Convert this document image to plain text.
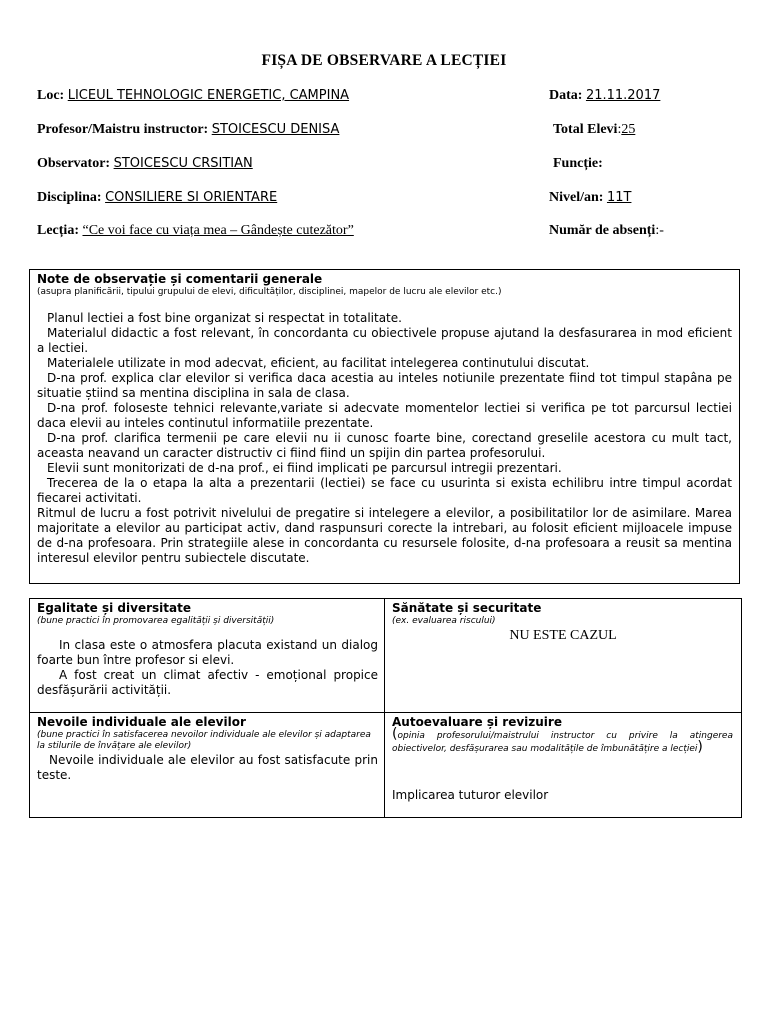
FIȘA DE OBSERVARE A LECȚIEI
Loc: LICEUL TEHNOLOGIC ENERGETIC, CAMPINA	Data: 21.11.2017
Profesor/Maistru instructor: STOICESCU DENISA	Total Elevi:25
Observator: STOICESCU CRSITIAN	Funcție:
Disciplina: CONSILIERE SI ORIENTARE	Nivel/an: 11T
Lecția: “Ce voi face cu viața mea – Gândește cutezător”	Număr de absenți:-
Note de observație și comentarii generale
(asupra planificării, tipului grupului de elevi, dificultăților, disciplinei, mapelor de lucru ale elevilor etc.)
Planul lectiei a fost bine organizat si respectat in totalitate.
Materialul didactic a fost relevant, în concordanta cu obiectivele propuse ajutand la desfasurarea in mod eficient a lectiei.
Materialele utilizate in mod adecvat, eficient, au facilitat intelegerea continutului discutat.
D-na prof. explica clar elevilor si verifica daca acestia au inteles notiunile prezentate fiind tot timpul stapâna pe situatie știind sa mentina disciplina in sala de clasa.
D-na prof. foloseste tehnici relevante,variate si adecvate momentelor lectiei si verifica pe tot parcursul lectiei daca elevii au inteles continutul informatiile prezentate.
D-na prof. clarifica termenii pe care elevii nu ii cunosc foarte bine, corectand greselile acestora cu mult tact, aceasta neavand un caracter distructiv ci fiind fiind un spijin din partea profesorului.
Elevii sunt monitorizati de d-na prof., ei fiind implicati pe parcursul intregii prezentari.
Trecerea de la o etapa la alta a prezentarii (lectiei) se face cu usurinta si exista echilibru intre timpul acordat fiecarei activitati.
Ritmul de lucru a fost potrivit nivelului de pregatire si intelegere a elevilor, a posibilitatilor lor de asimilare. Marea majoritate a elevilor au participat activ, dand raspunsuri corecte la intrebari, au folosit eficient mijloacele impuse de d-na profesoara. Prin strategiile alese in concordanta cu resursele folosite, d-na profesoara a reusit sa mentina interesul elevilor pentru subiectele discutate.
Egalitate și diversitate
(bune practici în promovarea egalității și diversității)
In clasa este o atmosfera placuta existand un dialog foarte bun între profesor si elevi.
A fost creat un climat afectiv - emoțional propice desfășurării activității.
Sănătate și securitate
(ex. evaluarea riscului)
NU ESTE CAZUL
Nevoile individuale ale elevilor
(bune practici în satisfacerea nevoilor individuale ale elevilor și adaptarea la stilurile de învățare ale elevilor)
Nevoile individuale ale elevilor au fost satisfacute prin teste.
Autoevaluare și revizuire
(opinia profesorului/maistrului instructor cu privire la atingerea obiectivelor, desfășurarea sau modalitățile de îmbunătățire a lecției)
Implicarea tuturor elevilor
